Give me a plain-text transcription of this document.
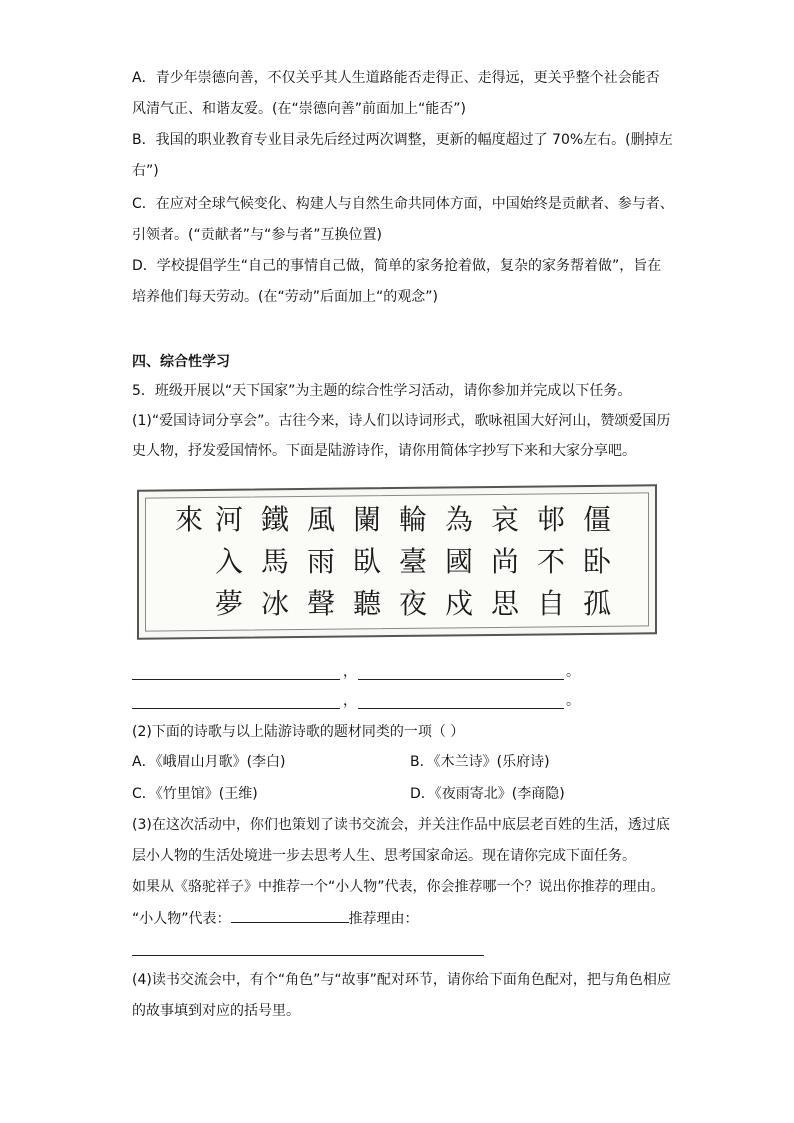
A．青少年崇德向善，不仅关乎其人生道路能否走得正、走得远，更关乎整个社会能否
风清气正、和谐友爱。(在“崇德向善”前面加上“能否”)
B．我国的职业教育专业目录先后经过两次调整，更新的幅度超过了 70%左右。(删掉左
右”)
C．在应对全球气候变化、构建人与自然生命共同体方面，中国始终是贡献者、参与者、
引领者。(“贡献者”与“参与者”互换位置)
D．学校提倡学生“自己的事情自己做，简单的家务抢着做，复杂的家务帮着做”，旨在
培养他们每天劳动。(在“劳动”后面加上“的观念”)
四、综合性学习
5．班级开展以“天下国家”为主题的综合性学习活动，请你参加并完成以下任务。
(1)“爱国诗词分享会”。古往今来，诗人们以诗词形式，歌咏祖国大好河山，赞颂爱国历
史人物，抒发爱国情怀。下面是陆游诗作，请你用简体字抄写下来和大家分享吧。
僵卧孤
邨不自
哀尚思
為國戍
輪臺夜
闌臥聽
風雨聲
鐵馬冰
河入夢
來
，	。
，	。
(2)下面的诗歌与以上陆游诗歌的题材同类的一项（ ）
A．《峨眉山月歌》(李白)	B．《木兰诗》(乐府诗)
C．《竹里馆》(王维)	D．《夜雨寄北》(李商隐)
(3)在这次活动中，你们也策划了读书交流会，并关注作品中底层老百姓的生活，透过底
层小人物的生活处境进一步去思考人生、思考国家命运。现在请你完成下面任务。
如果从《骆驼祥子》中推荐一个“小人物”代表，你会推荐哪一个？说出你推荐的理由。
“小人物”代表：	推荐理由：
(4)读书交流会中，有个“角色”与“故事”配对环节，请你给下面角色配对，把与角色相应
的故事填到对应的括号里。
